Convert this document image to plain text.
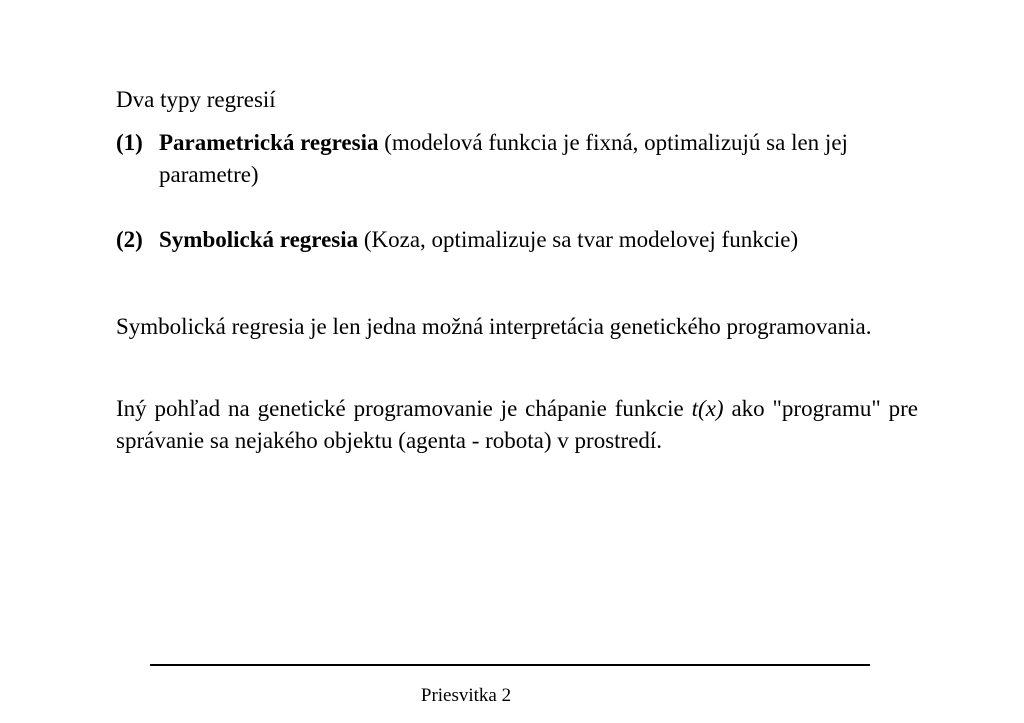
Dva typy regresií
(1) Parametrická regresia (modelová funkcia je fixná, optimalizujú sa len jej parametre)
(2) Symbolická regresia (Koza, optimalizuje sa tvar modelovej funkcie)

Symbolická regresia je len jedna možná interpretácia genetického programovania.

Iný pohľad na genetické programovanie je chápanie funkcie t(x) ako "programu" pre správanie sa nejakého objektu (agenta - robota) v prostredí.

Priesvitka 2
